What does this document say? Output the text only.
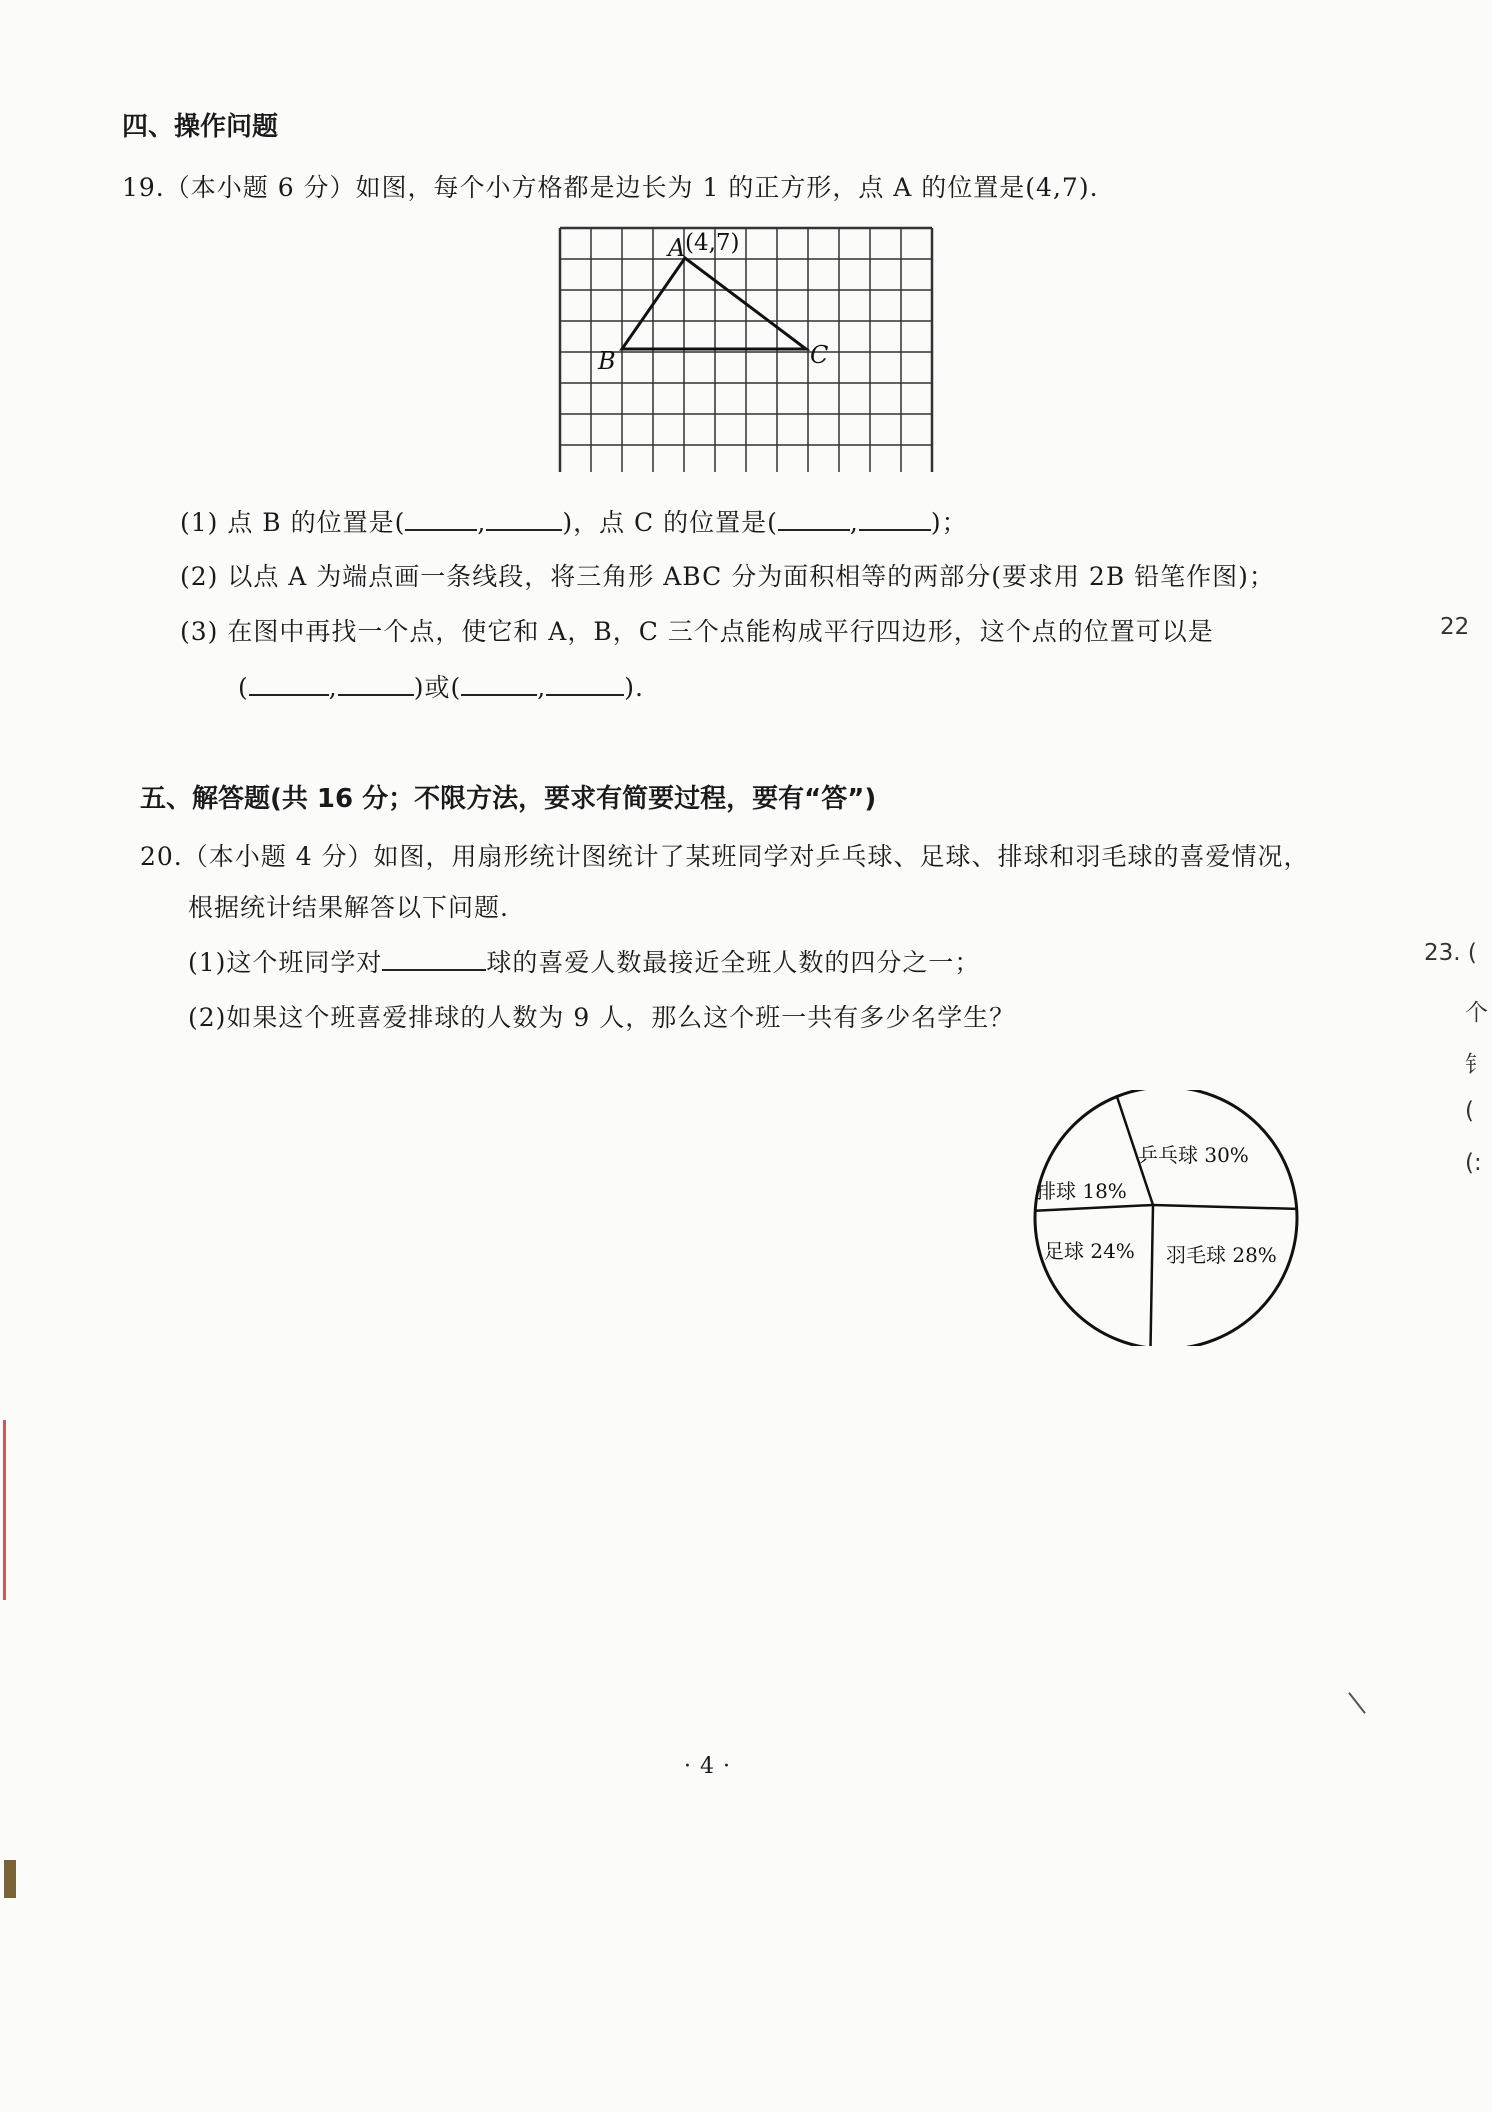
四、操作问题
19.（本小题 6 分）如图，每个小方格都是边长为 1 的正方形，点 A 的位置是(4,7).
A (4,7)
B	C
(1) 点 B 的位置是(	,	)，点 C 的位置是(	,	)；
(2) 以点 A 为端点画一条线段，将三角形 ABC 分为面积相等的两部分(要求用 2B 铅笔作图)；
(3) 在图中再找一个点，使它和 A，B，C 三个点能构成平行四边形，这个点的位置可以是
(	,	)或(	,	).
五、解答题(共 16 分；不限方法，要求有简要过程，要有“答”)
20.（本小题 4 分）如图，用扇形统计图统计了某班同学对乒乓球、足球、排球和羽毛球的喜爱情况，
根据统计结果解答以下问题.
(1)这个班同学对	球的喜爱人数最接近全班人数的四分之一；
(2)如果这个班喜爱排球的人数为 9 人，那么这个班一共有多少名学生？
乒乓球 30%
羽毛球 28%
足球 24%
排球 18%
22
23. (
个
钅
(
(:
· 4 ·
